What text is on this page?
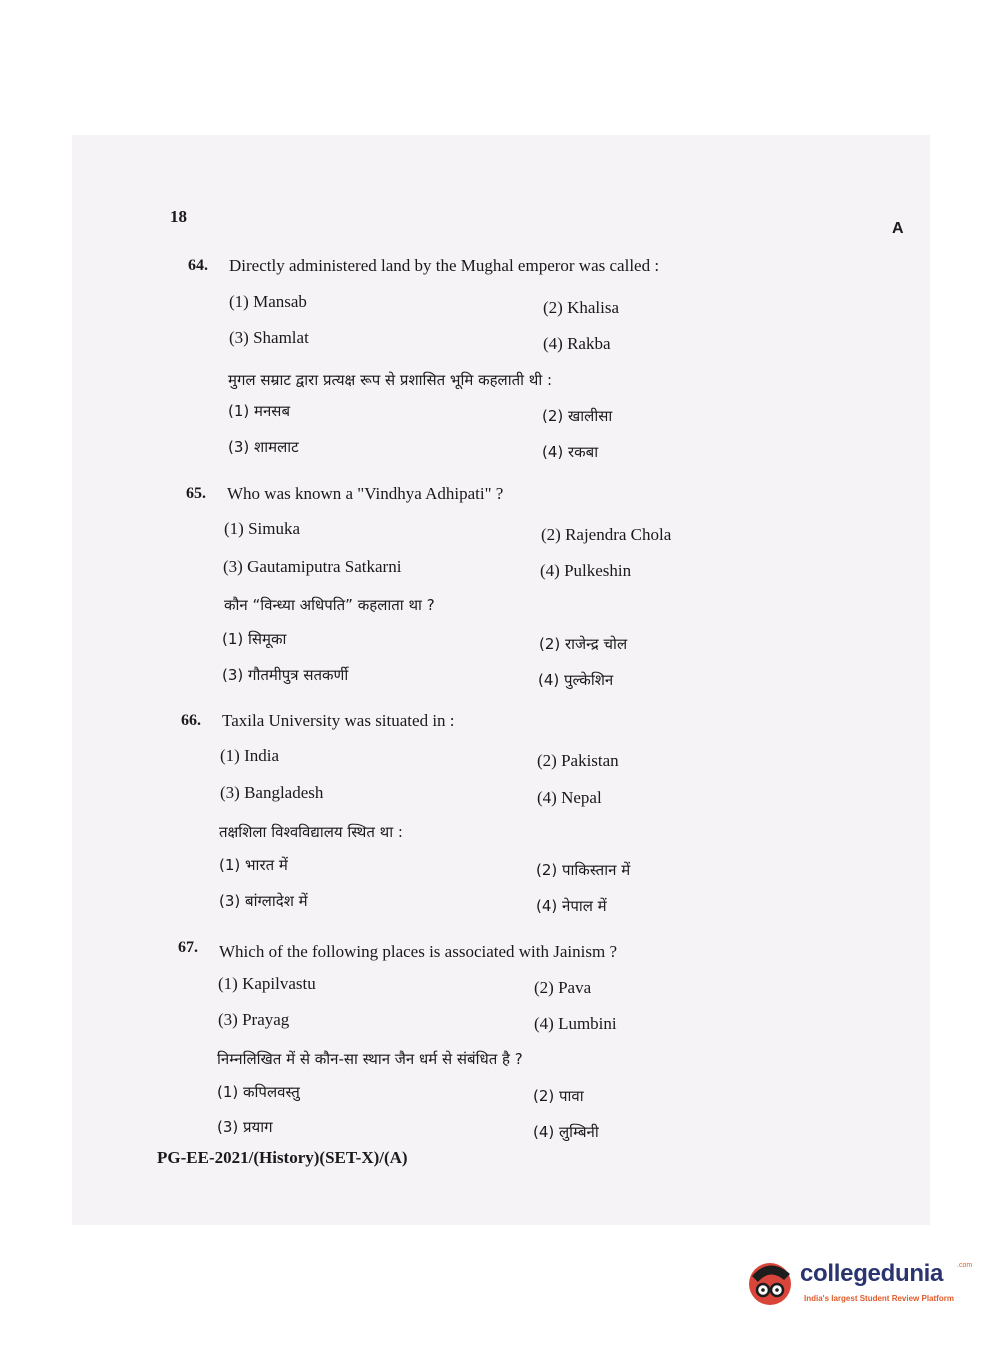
18
A
64. Directly administered land by the Mughal emperor was called :
(1) Mansab	(2) Khalisa
(3) Shamlat	(4) Rakba
मुगल सम्राट द्वारा प्रत्यक्ष रूप से प्रशासित भूमि कहलाती थी :
(1) मनसब	(2) खालीसा
(3) शामलाट	(4) रकबा
65. Who was known a "Vindhya Adhipati" ?
(1) Simuka	(2) Rajendra Chola
(3) Gautamiputra Satkarni	(4) Pulkeshin
कौन “विन्ध्या अधिपति” कहलाता था ?
(1) सिमूका	(2) राजेन्द्र चोल
(3) गौतमीपुत्र सतकर्णी	(4) पुल्केशिन
66. Taxila University was situated in :
(1) India	(2) Pakistan
(3) Bangladesh	(4) Nepal
तक्षशिला विश्वविद्यालय स्थित था :
(1) भारत में	(2) पाकिस्तान में
(3) बांग्लादेश में	(4) नेपाल में
67. Which of the following places is associated with Jainism ?
(1) Kapilvastu	(2) Pava
(3) Prayag	(4) Lumbini
निम्नलिखित में से कौन-सा स्थान जैन धर्म से संबंधित है ?
(1) कपिलवस्तु	(2) पावा
(3) प्रयाग	(4) लुम्बिनी
PG-EE-2021/(History)(SET-X)/(A)
collegedunia .com
India's largest Student Review Platform
